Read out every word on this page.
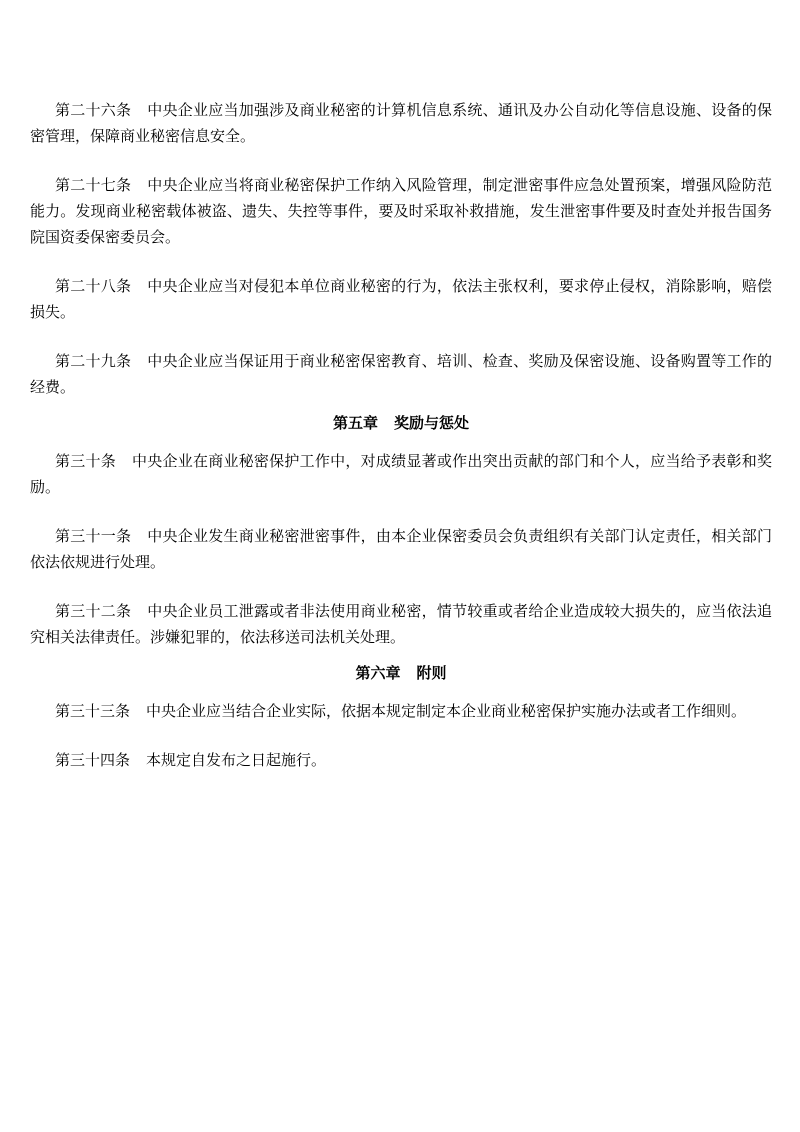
第二十六条 中央企业应当加强涉及商业秘密的计算机信息系统、通讯及办公自动化等信息设施、设备的保密管理，保障商业秘密信息安全。

第二十七条 中央企业应当将商业秘密保护工作纳入风险管理，制定泄密事件应急处置预案，增强风险防范能力。发现商业秘密载体被盗、遗失、失控等事件，要及时采取补救措施，发生泄密事件要及时查处并报告国务院国资委保密委员会。

第二十八条 中央企业应当对侵犯本单位商业秘密的行为，依法主张权利，要求停止侵权，消除影响，赔偿损失。

第二十九条 中央企业应当保证用于商业秘密保密教育、培训、检查、奖励及保密设施、设备购置等工作的经费。

第五章 奖励与惩处

第三十条 中央企业在商业秘密保护工作中，对成绩显著或作出突出贡献的部门和个人，应当给予表彰和奖励。

第三十一条 中央企业发生商业秘密泄密事件，由本企业保密委员会负责组织有关部门认定责任，相关部门依法依规进行处理。

第三十二条 中央企业员工泄露或者非法使用商业秘密，情节较重或者给企业造成较大损失的，应当依法追究相关法律责任。涉嫌犯罪的，依法移送司法机关处理。

第六章 附则

第三十三条 中央企业应当结合企业实际，依据本规定制定本企业商业秘密保护实施办法或者工作细则。

第三十四条 本规定自发布之日起施行。
